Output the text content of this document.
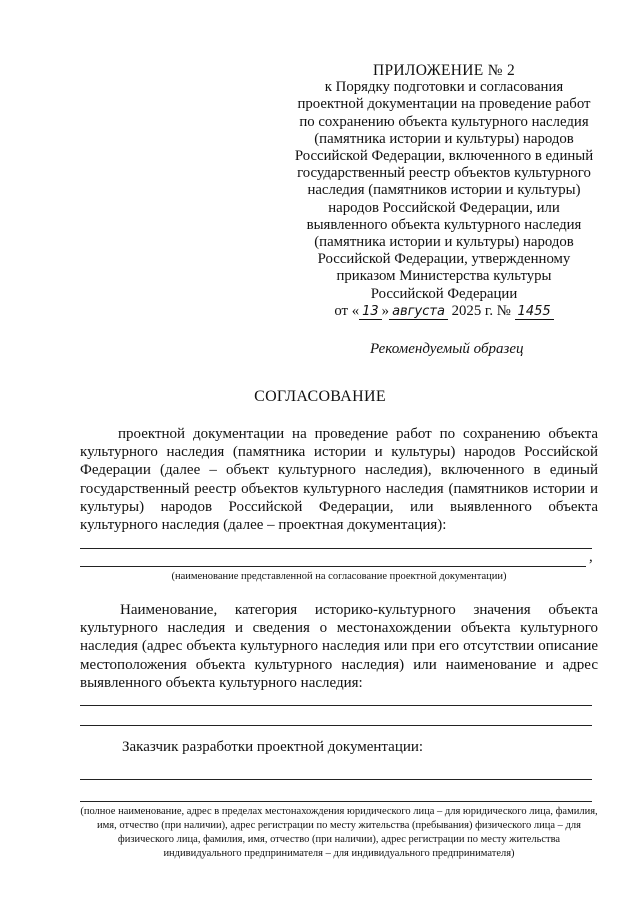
ПРИЛОЖЕНИЕ № 2
к Порядку подготовки и согласования
проектной документации на проведение работ
по сохранению объекта культурного наследия
(памятника истории и культуры) народов
Российской Федерации, включенного в единый
государственный реестр объектов культурного
наследия (памятников истории и культуры)
народов Российской Федерации, или
выявленного объекта культурного наследия
(памятника истории и культуры) народов
Российской Федерации, утвержденному
приказом Министерства культуры
Российской Федерации
от « 13 » августа 2025 г. № 1455
Рекомендуемый образец
СОГЛАСОВАНИЕ
проектной документации на проведение работ по сохранению объекта культурного наследия (памятника истории и культуры) народов Российской Федерации (далее – объект культурного наследия), включенного в единый государственный реестр объектов культурного наследия (памятников истории и культуры) народов Российской Федерации, или выявленного объекта культурного наследия (далее – проектная документация):
,
(наименование представленной на согласование проектной документации)
Наименование, категория историко-культурного значения объекта культурного наследия и сведения о местонахождении объекта культурного наследия (адрес объекта культурного наследия или при его отсутствии описание местоположения объекта культурного наследия) или наименование и адрес выявленного объекта культурного наследия:
Заказчик разработки проектной документации:
(полное наименование, адрес в пределах местонахождения юридического лица – для юридического лица, фамилия, имя, отчество (при наличии), адрес регистрации по месту жительства (пребывания) физического лица – для физического лица, фамилия, имя, отчество (при наличии), адрес регистрации по месту жительства индивидуального предпринимателя – для индивидуального предпринимателя)
